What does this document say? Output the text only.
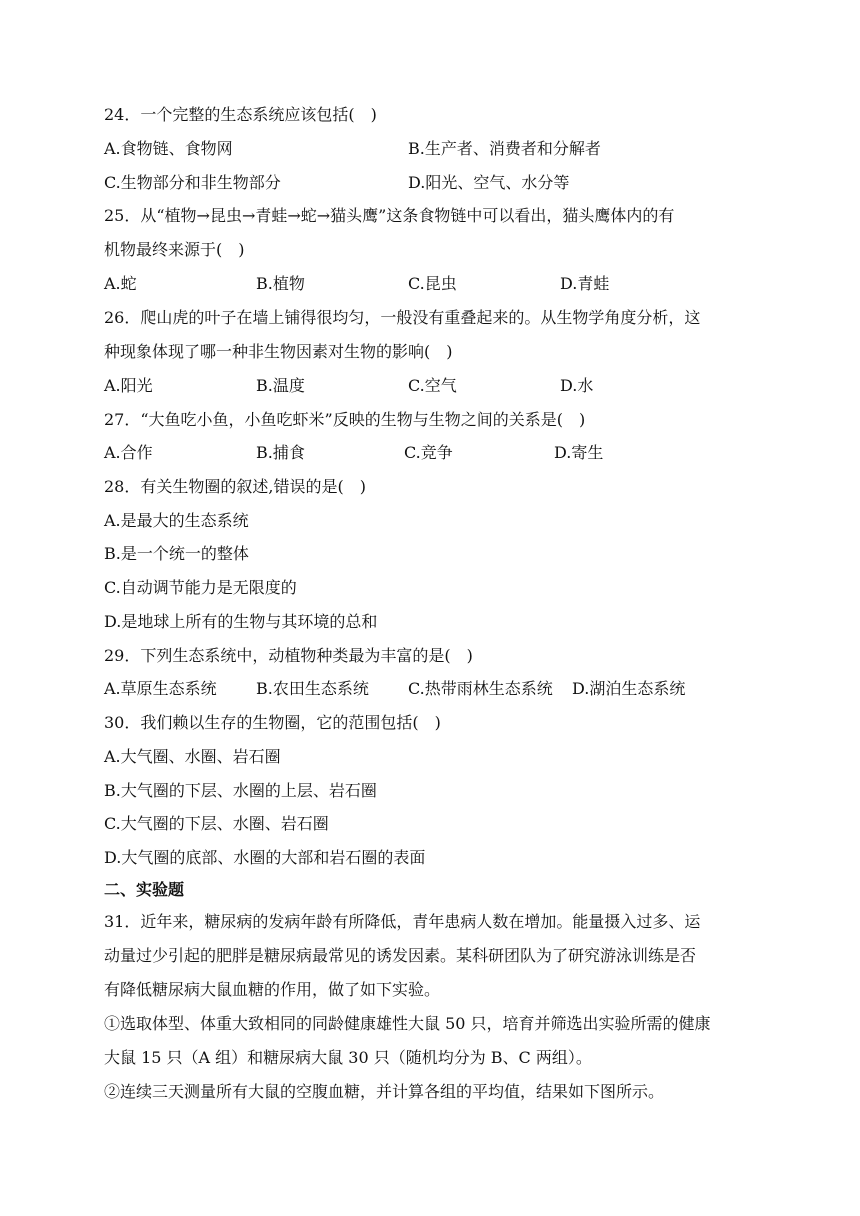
24．一个完整的生态系统应该包括(　)
A.食物链、食物网	B.生产者、消费者和分解者
C.生物部分和非生物部分	D.阳光、空气、水分等
25．从“植物→昆虫→青蛙→蛇→猫头鹰”这条食物链中可以看出，猫头鹰体内的有
机物最终来源于(　)
A.蛇	B.植物	C.昆虫	D.青蛙
26．爬山虎的叶子在墙上铺得很均匀，一般没有重叠起来的。从生物学角度分析，这
种现象体现了哪一种非生物因素对生物的影响(　)
A.阳光	B.温度	C.空气	D.水
27．“大鱼吃小鱼，小鱼吃虾米”反映的生物与生物之间的关系是(　)
A.合作	B.捕食	C.竞争	D.寄生
28．有关生物圈的叙述,错误的是(　)
A.是最大的生态系统
B.是一个统一的整体
C.自动调节能力是无限度的
D.是地球上所有的生物与其环境的总和
29．下列生态系统中，动植物种类最为丰富的是(　)
A.草原生态系统 B.农田生态系统 C.热带雨林生态系统 D.湖泊生态系统
30．我们赖以生存的生物圈，它的范围包括(　)
A.大气圈、水圈、岩石圈
B.大气圈的下层、水圈的上层、岩石圈
C.大气圈的下层、水圈、岩石圈
D.大气圈的底部、水圈的大部和岩石圈的表面
二、实验题
31．近年来，糖尿病的发病年龄有所降低，青年患病人数在增加。能量摄入过多、运
动量过少引起的肥胖是糖尿病最常见的诱发因素。某科研团队为了研究游泳训练是否
有降低糖尿病大鼠血糖的作用，做了如下实验。
①选取体型、体重大致相同的同龄健康雄性大鼠 50 只，培育并筛选出实验所需的健康
大鼠 15 只（A 组）和糖尿病大鼠 30 只（随机均分为 B、C 两组）。
②连续三天测量所有大鼠的空腹血糖，并计算各组的平均值，结果如下图所示。
